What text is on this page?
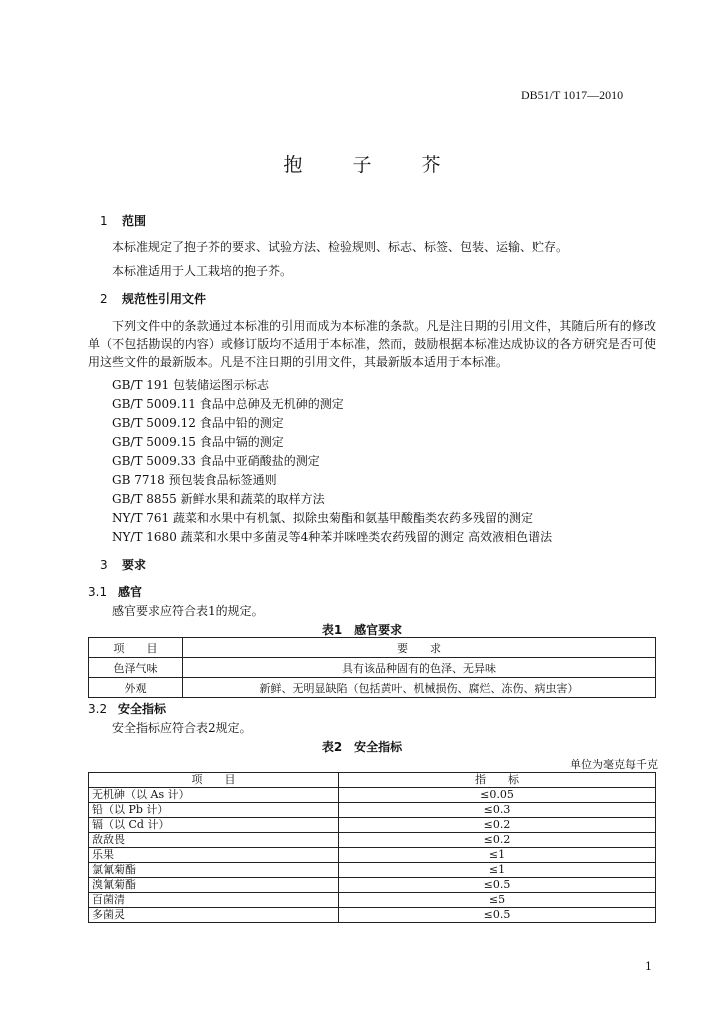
DB51/T 1017—2010
抱 子 芥
1 范围
本标准规定了抱子芥的要求、试验方法、检验规则、标志、标签、包装、运输、贮存。
本标准适用于人工栽培的抱子芥。
2 规范性引用文件
下列文件中的条款通过本标准的引用而成为本标准的条款。凡是注日期的引用文件，其随后所有的修改单（不包括勘误的内容）或修订版均不适用于本标准，然而，鼓励根据本标准达成协议的各方研究是否可使用这些文件的最新版本。凡是不注日期的引用文件，其最新版本适用于本标准。
GB/T 191 包装储运图示标志
GB/T 5009.11 食品中总砷及无机砷的测定
GB/T 5009.12 食品中铅的测定
GB/T 5009.15 食品中镉的测定
GB/T 5009.33 食品中亚硝酸盐的测定
GB 7718 预包装食品标签通则
GB/T 8855 新鲜水果和蔬菜的取样方法
NY/T 761 蔬菜和水果中有机氯、拟除虫菊酯和氨基甲酸酯类农药多残留的测定
NY/T 1680 蔬菜和水果中多菌灵等4种苯并咪唑类农药残留的测定 高效液相色谱法
3 要求
3.1 感官
感官要求应符合表1的规定。
表1　感官要求
项　　目	要　　求
色泽气味	具有该品种固有的色泽、无异味
外观	新鲜、无明显缺陷（包括黄叶、机械损伤、腐烂、冻伤、病虫害）
3.2 安全指标
安全指标应符合表2规定。
表2　安全指标
单位为毫克每千克
项　　目	指　　标
无机砷（以 As 计）	≤0.05
铅（以 Pb 计）	≤0.3
镉（以 Cd 计）	≤0.2
敌敌畏	≤0.2
乐果	≤1
氯氰菊酯	≤1
溴氰菊酯	≤0.5
百菌清	≤5
多菌灵	≤0.5
1
